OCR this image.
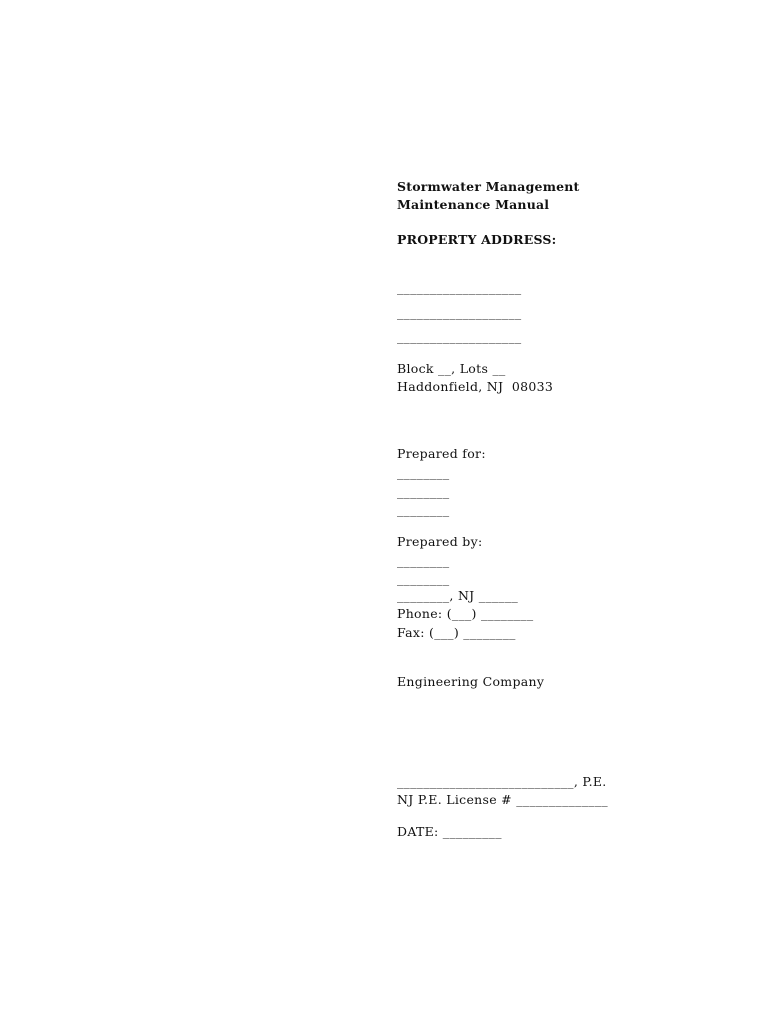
Stormwater Management
Maintenance Manual
PROPERTY ADDRESS:
___________________
___________________
___________________
Block __, Lots __
Haddonfield, NJ  08033
Prepared for:
________
________
________
Prepared by:
________
________
________, NJ ______
Phone: (___) ________
Fax: (___) ________
Engineering Company
___________________________, P.E.
NJ P.E. License # ______________
DATE: _________
